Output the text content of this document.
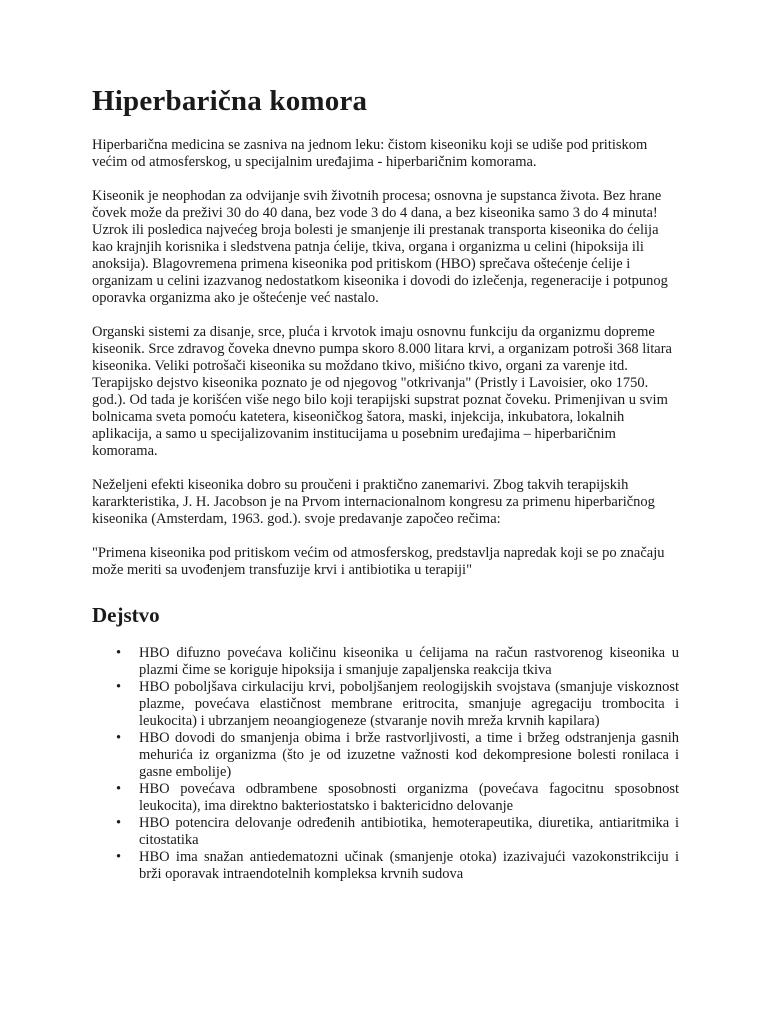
Hiperbarična komora

Hiperbarična medicina se zasniva na jednom leku: čistom kiseoniku koji se udiše pod pritiskom većim od atmosferskog, u specijalnim uređajima - hiperbaričnim komorama.

Kiseonik je neophodan za odvijanje svih životnih procesa; osnovna je supstanca života. Bez hrane čovek može da preživi 30 do 40 dana, bez vode 3 do 4 dana, a bez kiseonika samo 3 do 4 minuta!

Uzrok ili posledica najvećeg broja bolesti je smanjenje ili prestanak transporta kiseonika do ćelija kao krajnjih korisnika i sledstvena patnja ćelije, tkiva, organa i organizma u celini (hipoksija ili anoksija). Blagovremena primena kiseonika pod pritiskom (HBO) sprečava oštećenje ćelije i organizam u celini izazvanog nedostatkom kiseonika i dovodi do izlečenja, regeneracije i potpunog oporavka organizma ako je oštećenje već nastalo.

Organski sistemi za disanje, srce, pluća i krvotok imaju osnovnu funkciju da organizmu dopreme kiseonik. Srce zdravog čoveka dnevno pumpa skoro 8.000 litara krvi, a organizam potroši 368 litara kiseonika. Veliki potrošači kiseonika su moždano tkivo, mišićno tkivo, organi za varenje itd.

Terapijsko dejstvo kiseonika poznato je od njegovog "otkrivanja" (Pristly i Lavoisier, oko 1750. god.). Od tada je korišćen više nego bilo koji terapijski supstrat poznat čoveku. Primenjivan u svim bolnicama sveta pomoću katetera, kiseoničkog šatora, maski, injekcija, inkubatora, lokalnih aplikacija, a samo u specijalizovanim institucijama u posebnim uređajima – hiperbaričnim komorama.

Neželjeni efekti kiseonika dobro su proučeni i praktično zanemarivi. Zbog takvih terapijskih kararkteristika, J. H. Jacobson je na Prvom internacionalnom kongresu za primenu hiperbaričnog kiseonika (Amsterdam, 1963. god.). svoje predavanje započeo rečima:

"Primena kiseonika pod pritiskom većim od atmosferskog, predstavlja napredak koji se po značaju može meriti sa uvođenjem transfuzije krvi i antibiotika u terapiji"

Dejstvo
•	HBO difuzno povećava količinu kiseonika u ćelijama na račun rastvorenog kiseonika u plazmi čime se koriguje hipoksija i smanjuje zapaljenska reakcija tkiva
•	HBO poboljšava cirkulaciju krvi, poboljšanjem reologijskih svojstava (smanjuje viskoznost plazme, povećava elastičnost membrane eritrocita, smanjuje agregaciju trombocita i leukocita) i ubrzanjem neoangiogeneze (stvaranje novih mreža krvnih kapilara)
•	HBO dovodi do smanjenja obima i brže rastvorljivosti, a time i bržeg odstranjenja gasnih mehurića iz organizma (što je od izuzetne važnosti kod dekompresione bolesti ronilaca i gasne embolije)
•	HBO povećava odbrambene sposobnosti organizma (povećava fagocitnu sposobnost leukocita), ima direktno bakteriostatsko i baktericidno delovanje
•	HBO potencira delovanje određenih antibiotika, hemoterapeutika, diuretika, antiaritmika i citostatika
•	HBO ima snažan antiedematozni učinak (smanjenje otoka) izazivajući vazokonstrikciju i brži oporavak intraendotelnih kompleksa krvnih sudova
